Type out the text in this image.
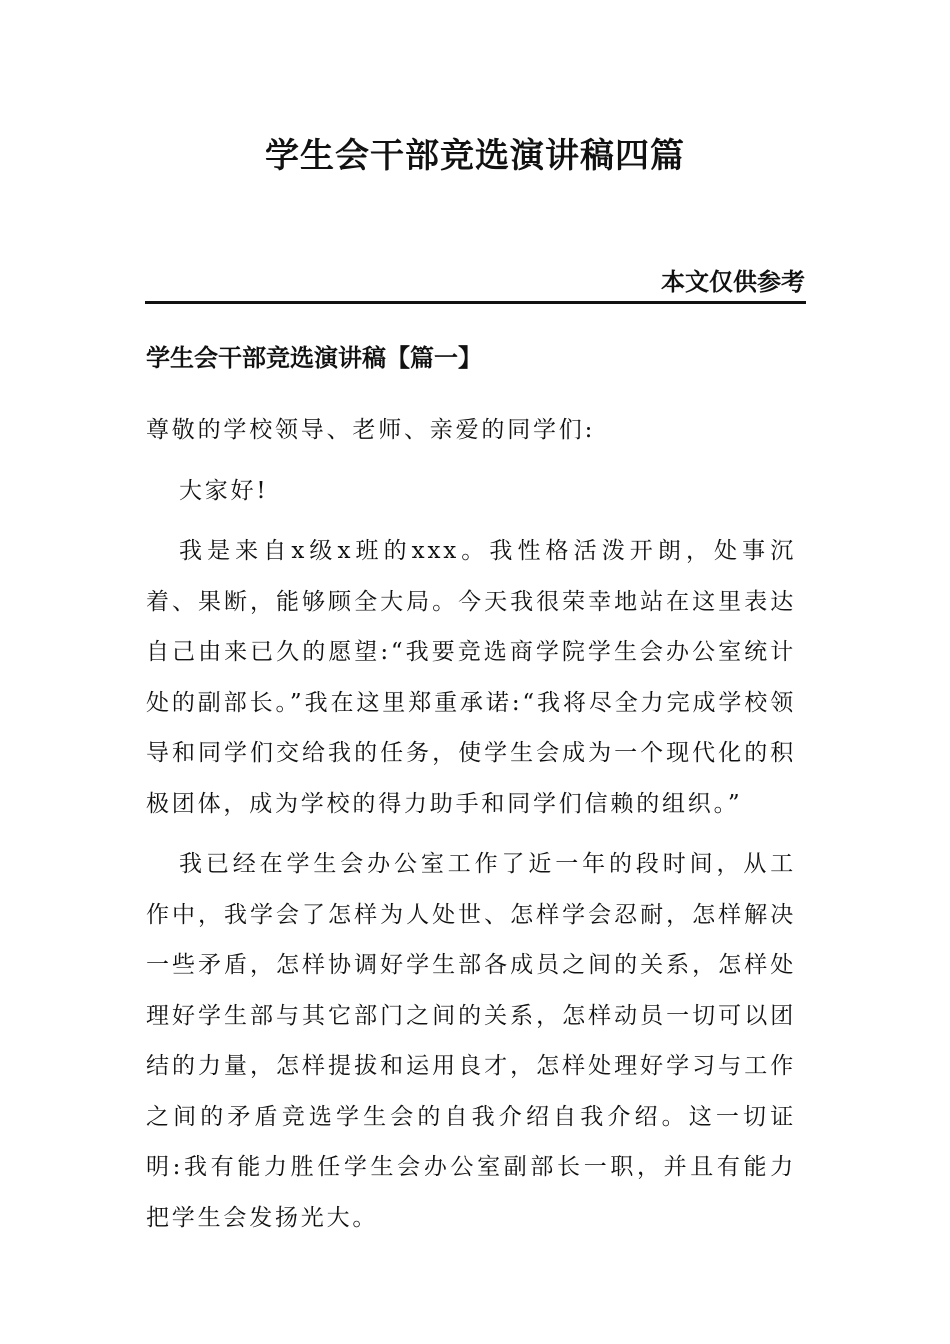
学生会干部竞选演讲稿四篇
本文仅供参考
学生会干部竞选演讲稿【篇一】

尊敬的学校领导、老师、亲爱的同学们:

大家好!

我是来自x级x班的xxx。我性格活泼开朗，处事沉着、果断，能够顾全大局。今天我很荣幸地站在这里表达自己由来已久的愿望:“我要竞选商学院学生会办公室统计处的副部长。”我在这里郑重承诺:“我将尽全力完成学校领导和同学们交给我的任务，使学生会成为一个现代化的积极团体，成为学校的得力助手和同学们信赖的组织。”

我已经在学生会办公室工作了近一年的段时间，从工作中，我学会了怎样为人处世、怎样学会忍耐，怎样解决一些矛盾，怎样协调好学生部各成员之间的关系，怎样处理好学生部与其它部门之间的关系，怎样动员一切可以团结的力量，怎样提拔和运用良才，怎样处理好学习与工作之间的矛盾竞选学生会的自我介绍自我介绍。这一切证明:我有能力胜任学生会办公室副部长一职，并且有能力把学生会发扬光大。
